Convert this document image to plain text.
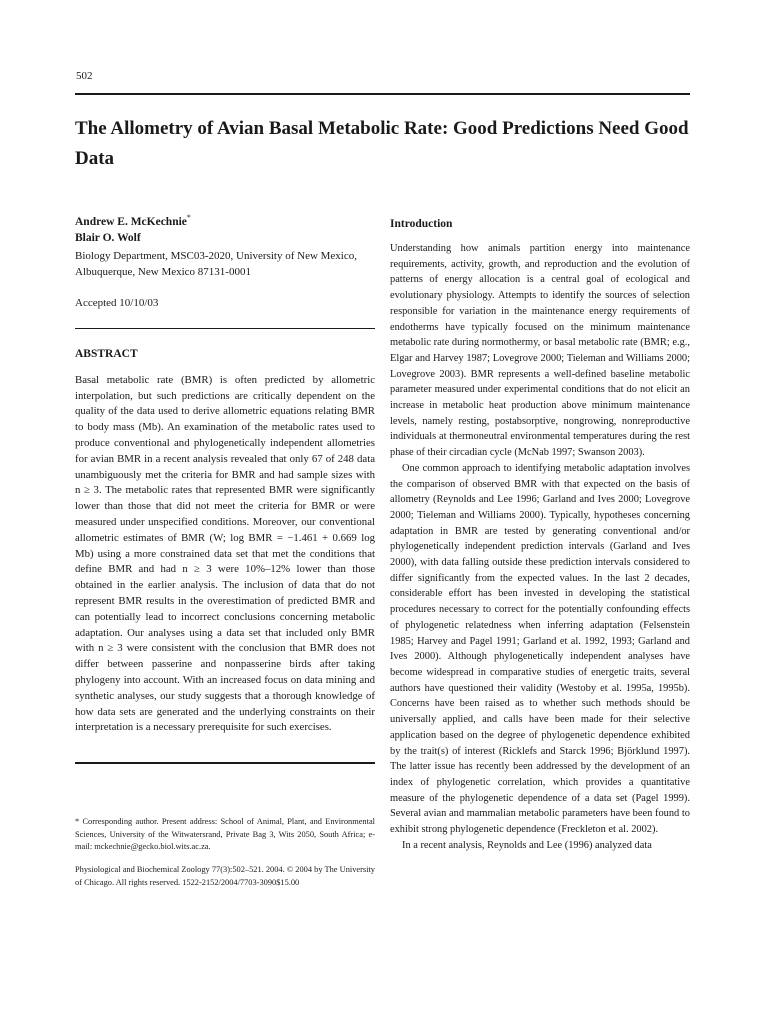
502
The Allometry of Avian Basal Metabolic Rate: Good Predictions Need Good Data
Andrew E. McKechnie*
Blair O. Wolf
Biology Department, MSC03-2020, University of New Mexico, Albuquerque, New Mexico 87131-0001
Accepted 10/10/03
ABSTRACT
Basal metabolic rate (BMR) is often predicted by allometric interpolation, but such predictions are critically dependent on the quality of the data used to derive allometric equations relating BMR to body mass (Mb). An examination of the metabolic rates used to produce conventional and phylogenetically independent allometries for avian BMR in a recent analysis revealed that only 67 of 248 data unambiguously met the criteria for BMR and had sample sizes with n ≥ 3. The metabolic rates that represented BMR were significantly lower than those that did not meet the criteria for BMR or were measured under unspecified conditions. Moreover, our conventional allometric estimates of BMR (W; log BMR = −1.461 + 0.669 log Mb) using a more constrained data set that met the conditions that define BMR and had n ≥ 3 were 10%–12% lower than those obtained in the earlier analysis. The inclusion of data that do not represent BMR results in the overestimation of predicted BMR and can potentially lead to incorrect conclusions concerning metabolic adaptation. Our analyses using a data set that included only BMR with n ≥ 3 were consistent with the conclusion that BMR does not differ between passerine and nonpasserine birds after taking phylogeny into account. With an increased focus on data mining and synthetic analyses, our study suggests that a thorough knowledge of how data sets are generated and the underlying constraints on their interpretation is a necessary prerequisite for such exercises.
* Corresponding author. Present address: School of Animal, Plant, and Environmental Sciences, University of the Witwatersrand, Private Bag 3, Wits 2050, South Africa; e-mail: mckechnie@gecko.biol.wits.ac.za.
Physiological and Biochemical Zoology 77(3):502–521. 2004. © 2004 by The University of Chicago. All rights reserved. 1522-2152/2004/7703-3090$15.00
Introduction

Understanding how animals partition energy into maintenance requirements, activity, growth, and reproduction and the evolution of patterns of energy allocation is a central goal of ecological and evolutionary physiology. Attempts to identify the sources of selection responsible for variation in the maintenance energy requirements of endotherms have typically focused on the minimum maintenance metabolic rate during normothermy, or basal metabolic rate (BMR; e.g., Elgar and Harvey 1987; Lovegrove 2000; Tieleman and Williams 2000; Lovegrove 2003). BMR represents a well-defined baseline metabolic parameter measured under experimental conditions that do not elicit an increase in metabolic heat production above minimum maintenance levels, namely resting, postabsorptive, nongrowing, nonreproductive individuals at thermoneutral environmental temperatures during the rest phase of their circadian cycle (McNab 1997; Swanson 2003).

One common approach to identifying metabolic adaptation involves the comparison of observed BMR with that expected on the basis of allometry (Reynolds and Lee 1996; Garland and Ives 2000; Lovegrove 2000; Tieleman and Williams 2000). Typically, hypotheses concerning adaptation in BMR are tested by generating conventional and/or phylogenetically independent prediction intervals (Garland and Ives 2000), with data falling outside these prediction intervals considered to differ significantly from the expected values. In the last 2 decades, considerable effort has been invested in developing the statistical procedures necessary to correct for the potentially confounding effects of phylogenetic relatedness when inferring adaptation (Felsenstein 1985; Harvey and Pagel 1991; Garland et al. 1992, 1993; Garland and Ives 2000). Although phylogenetically independent analyses have become widespread in comparative studies of energetic traits, several authors have questioned their validity (Westoby et al. 1995a, 1995b). Concerns have been raised as to whether such methods should be universally applied, and calls have been made for their selective application based on the degree of phylogenetic dependence exhibited by the trait(s) of interest (Ricklefs and Starck 1996; Björklund 1997). The latter issue has recently been addressed by the development of an index of phylogenetic correlation, which provides a quantitative measure of the phylogenetic dependence of a data set (Pagel 1999). Several avian and mammalian metabolic parameters have been found to exhibit strong phylogenetic dependence (Freckleton et al. 2002).

In a recent analysis, Reynolds and Lee (1996) analyzed data
